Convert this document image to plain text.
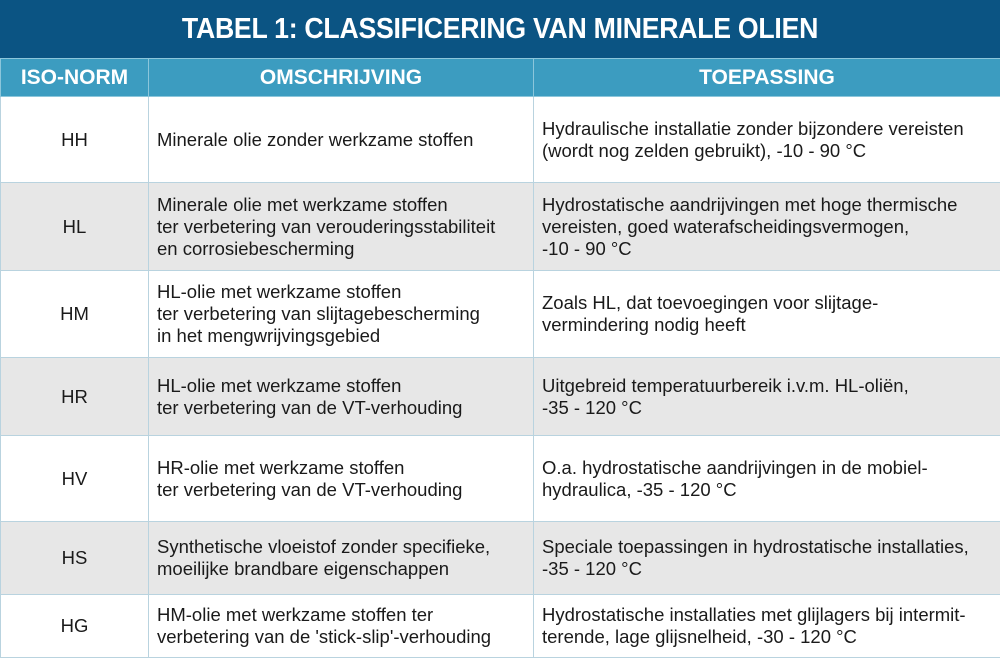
TABEL 1: CLASSIFICERING VAN MINERALE OLIEN
ISO-NORM	OMSCHRIJVING	TOEPASSING
HH	Minerale olie zonder werkzame stoffen	Hydraulische installatie zonder bijzondere vereisten
(wordt nog zelden gebruikt), -10 - 90 °C
HL	Minerale olie met werkzame stoffen
ter verbetering van verouderingsstabiliteit
en corrosiebescherming	Hydrostatische aandrijvingen met hoge thermische
vereisten, goed waterafscheidingsvermogen,
-10 - 90 °C
HM	HL-olie met werkzame stoffen
ter verbetering van slijtagebescherming
in het mengwrijvingsgebied	Zoals HL, dat toevoegingen voor slijtage-
vermindering nodig heeft
HR	HL-olie met werkzame stoffen
ter verbetering van de VT-verhouding	Uitgebreid temperatuurbereik i.v.m. HL-oliën,
-35 - 120 °C
HV	HR-olie met werkzame stoffen
ter verbetering van de VT-verhouding	O.a. hydrostatische aandrijvingen in de mobiel-
hydraulica, -35 - 120 °C
HS	Synthetische vloeistof zonder specifieke,
moeilijke brandbare eigenschappen	Speciale toepassingen in hydrostatische installaties,
-35 - 120 °C
HG	HM-olie met werkzame stoffen ter
verbetering van de 'stick-slip'-verhouding	Hydrostatische installaties met glijlagers bij intermit-
terende, lage glijsnelheid, -30 - 120 °C
